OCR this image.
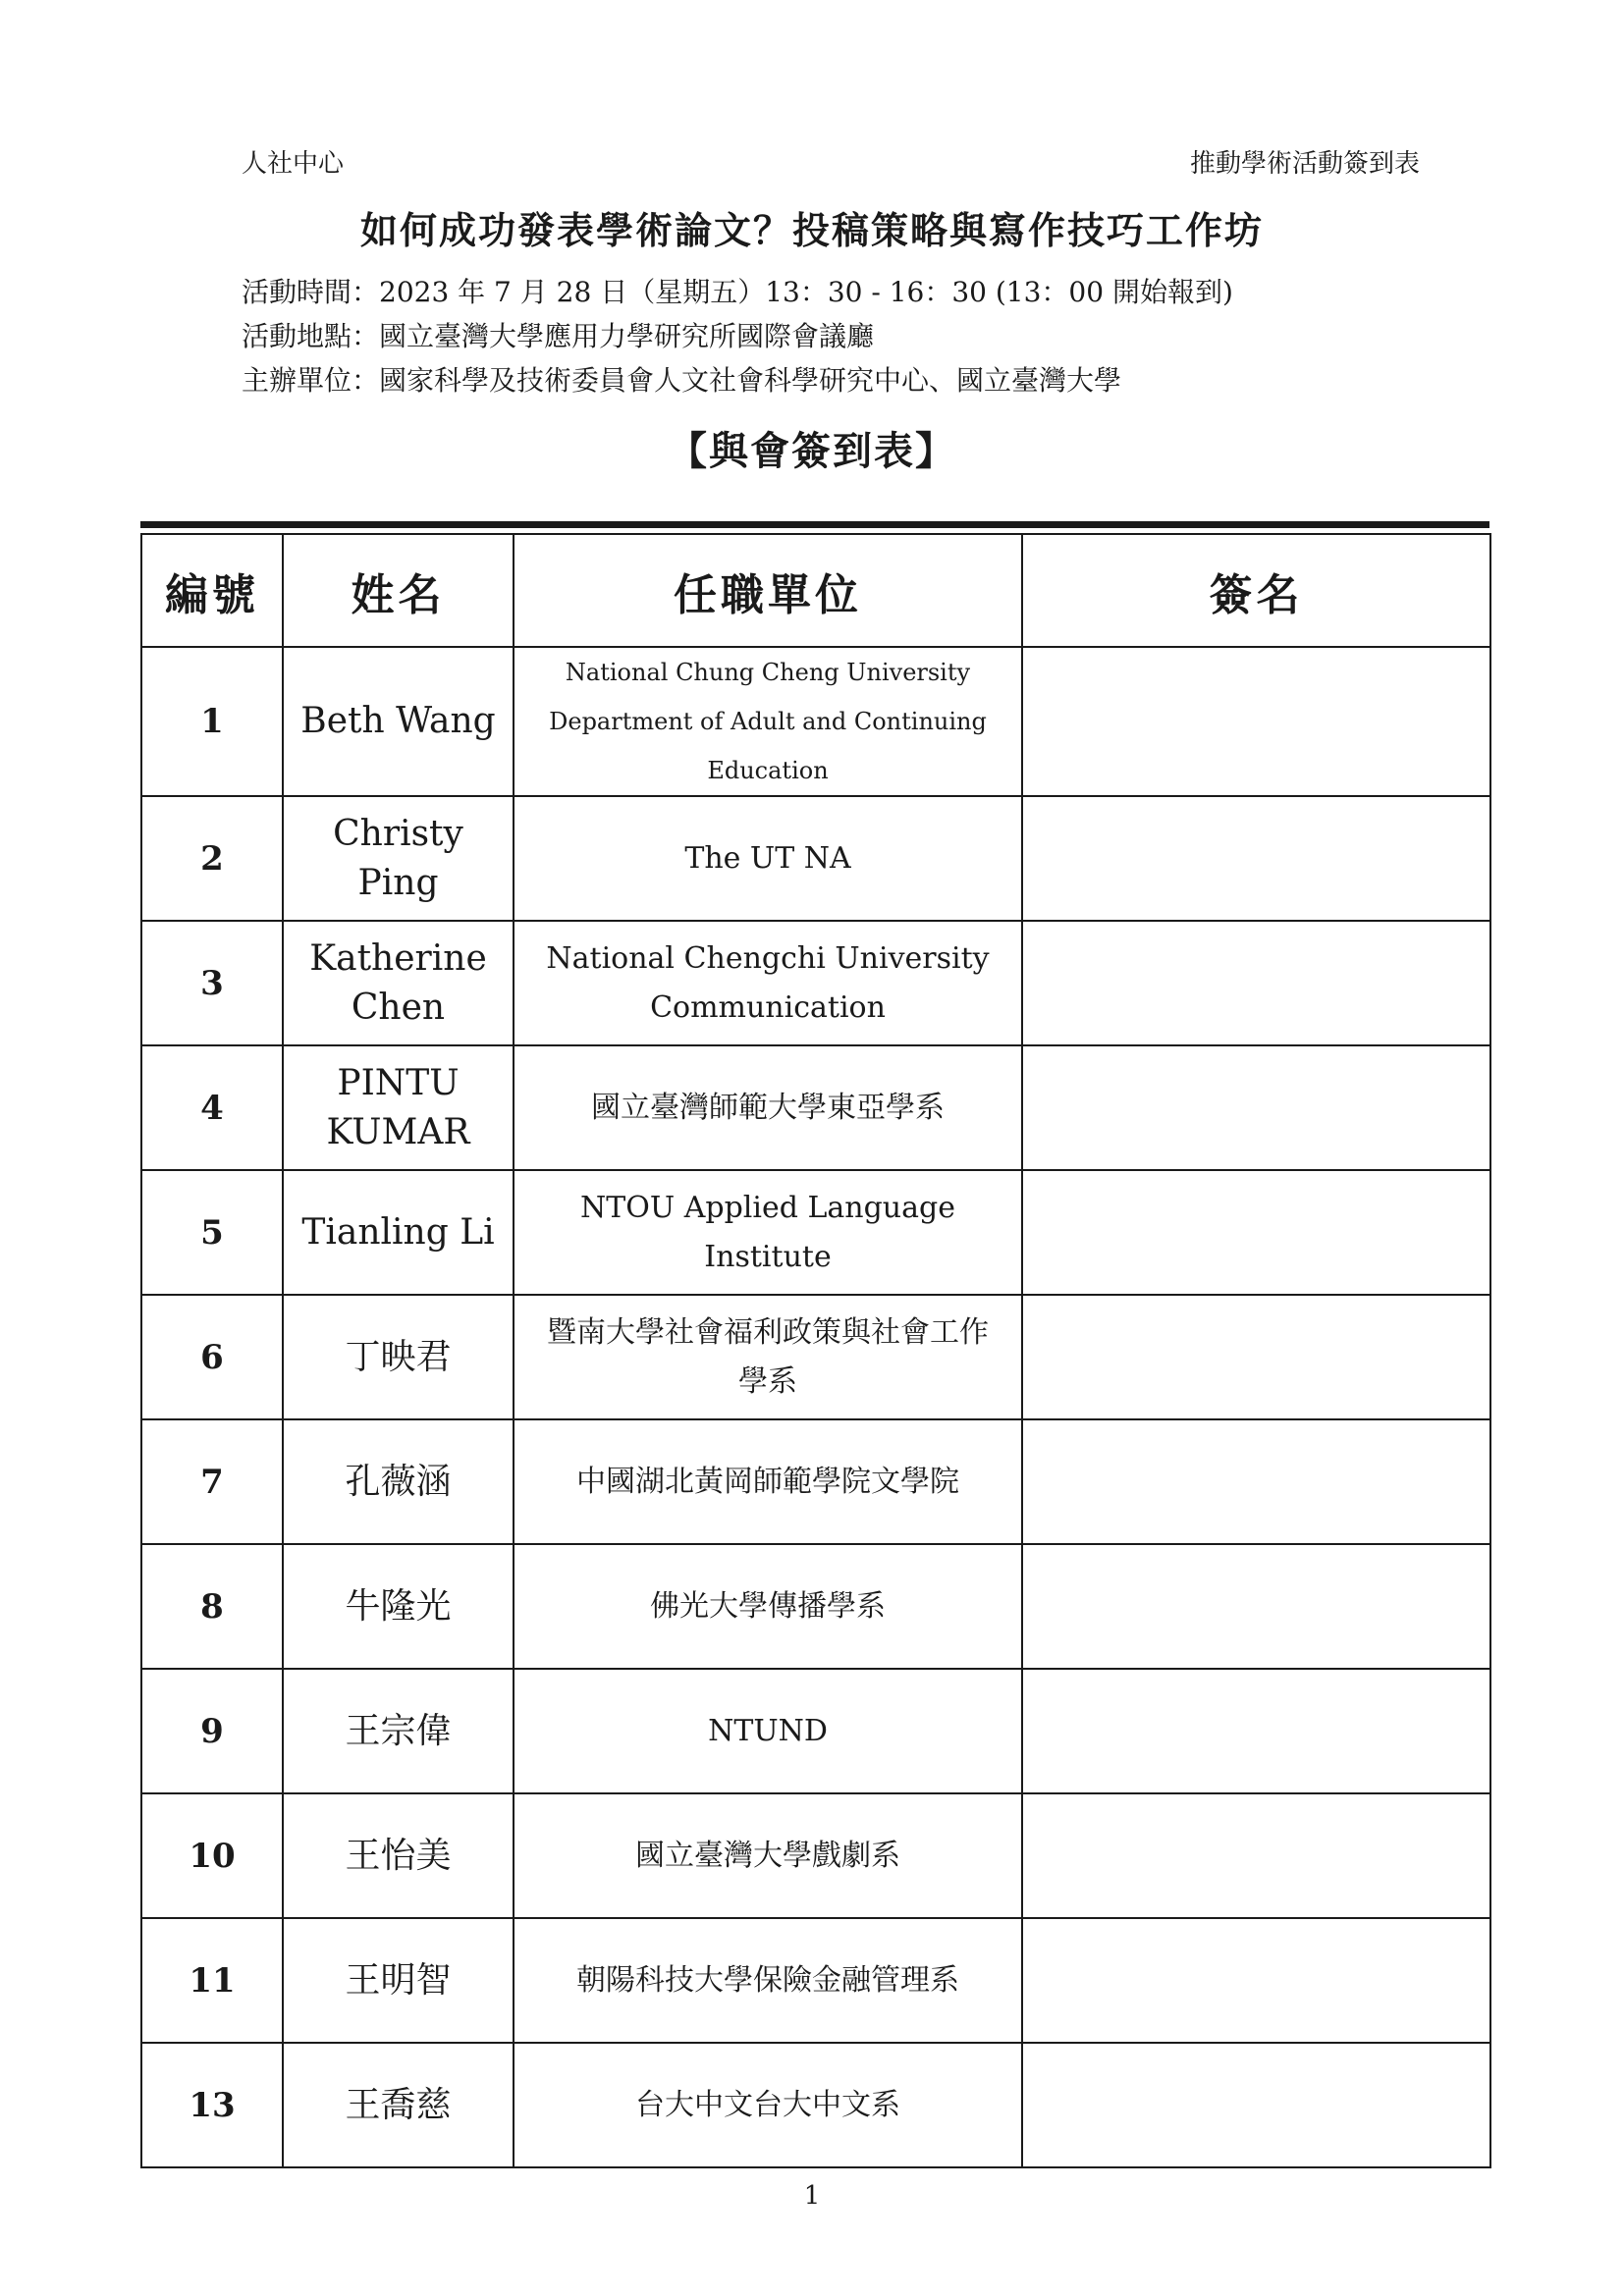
人社中心	推動學術活動簽到表
如何成功發表學術論文？投稿策略與寫作技巧工作坊
活動時間：2023 年 7 月 28 日（星期五）13：30 - 16：30 (13：00 開始報到)
活動地點：國立臺灣大學應用力學研究所國際會議廳
主辦單位：國家科學及技術委員會人文社會科學研究中心、國立臺灣大學
【與會簽到表】
編號	姓名	任職單位	簽名
1	Beth Wang	National Chung Cheng University
Department of Adult and Continuing Education	

2	Christy Ping	The UT NA	

3	Katherine Chen	National Chengchi University
Communication	

4	PINTU KUMAR	國立臺灣師範大學東亞學系	

5	Tianling Li	NTOU Applied Language Institute	

6	丁映君	暨南大學社會福利政策與社會工作
學系	

7	孔薇涵	中國湖北黃岡師範學院文學院	

8	牛隆光	佛光大學傳播學系	

9	王宗偉	NTUND	

10	王怡美	國立臺灣大學戲劇系	

11	王明智	朝陽科技大學保險金融管理系	

13	王喬慈	台大中文台大中文系	

1
